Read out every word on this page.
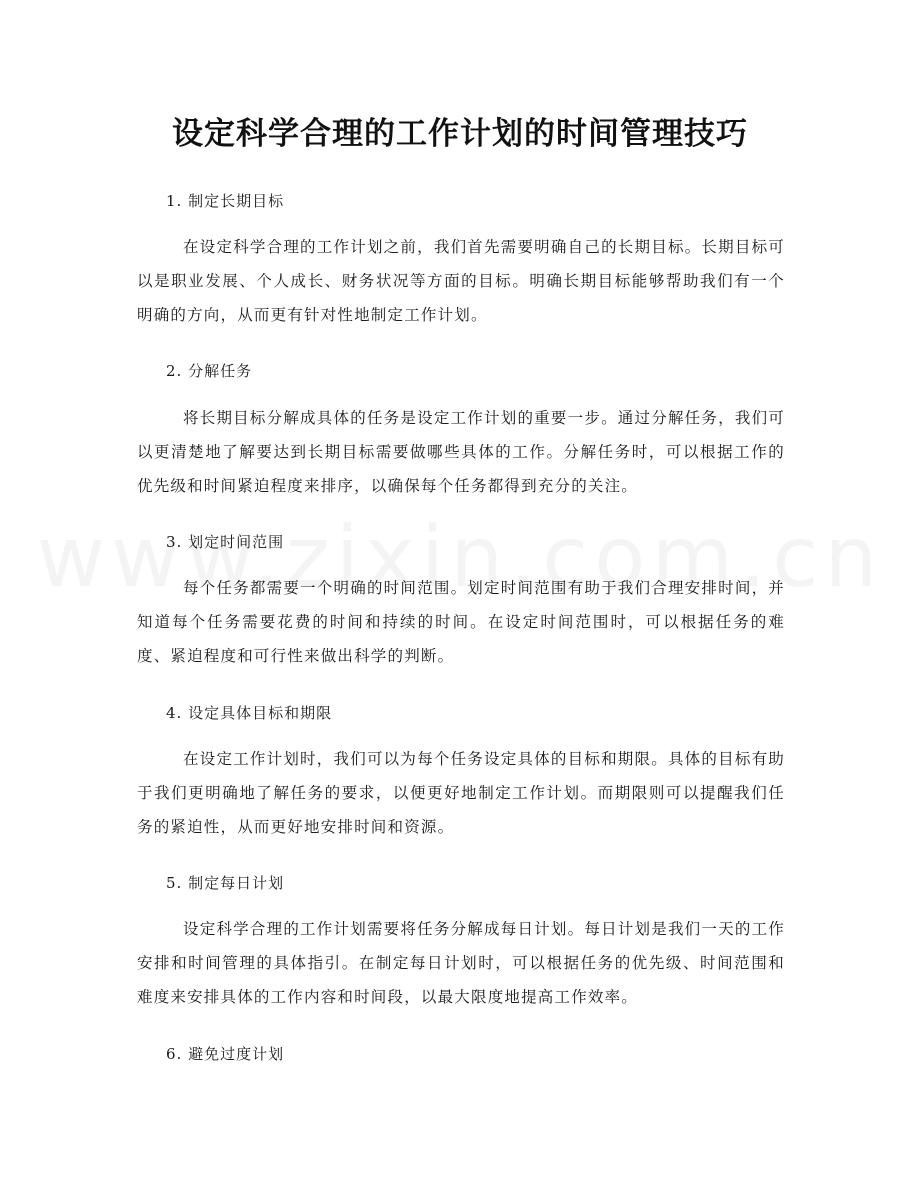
设定科学合理的工作计划的时间管理技巧

1. 制定长期目标

在设定科学合理的工作计划之前，我们首先需要明确自己的长期目标。长期目标可以是职业发展、个人成长、财务状况等方面的目标。明确长期目标能够帮助我们有一个明确的方向，从而更有针对性地制定工作计划。

2. 分解任务

将长期目标分解成具体的任务是设定工作计划的重要一步。通过分解任务，我们可以更清楚地了解要达到长期目标需要做哪些具体的工作。分解任务时，可以根据工作的优先级和时间紧迫程度来排序，以确保每个任务都得到充分的关注。

3. 划定时间范围

每个任务都需要一个明确的时间范围。划定时间范围有助于我们合理安排时间，并知道每个任务需要花费的时间和持续的时间。在设定时间范围时，可以根据任务的难度、紧迫程度和可行性来做出科学的判断。

4. 设定具体目标和期限

在设定工作计划时，我们可以为每个任务设定具体的目标和期限。具体的目标有助于我们更明确地了解任务的要求，以便更好地制定工作计划。而期限则可以提醒我们任务的紧迫性，从而更好地安排时间和资源。

5. 制定每日计划

设定科学合理的工作计划需要将任务分解成每日计划。每日计划是我们一天的工作安排和时间管理的具体指引。在制定每日计划时，可以根据任务的优先级、时间范围和难度来安排具体的工作内容和时间段，以最大限度地提高工作效率。

6. 避免过度计划
